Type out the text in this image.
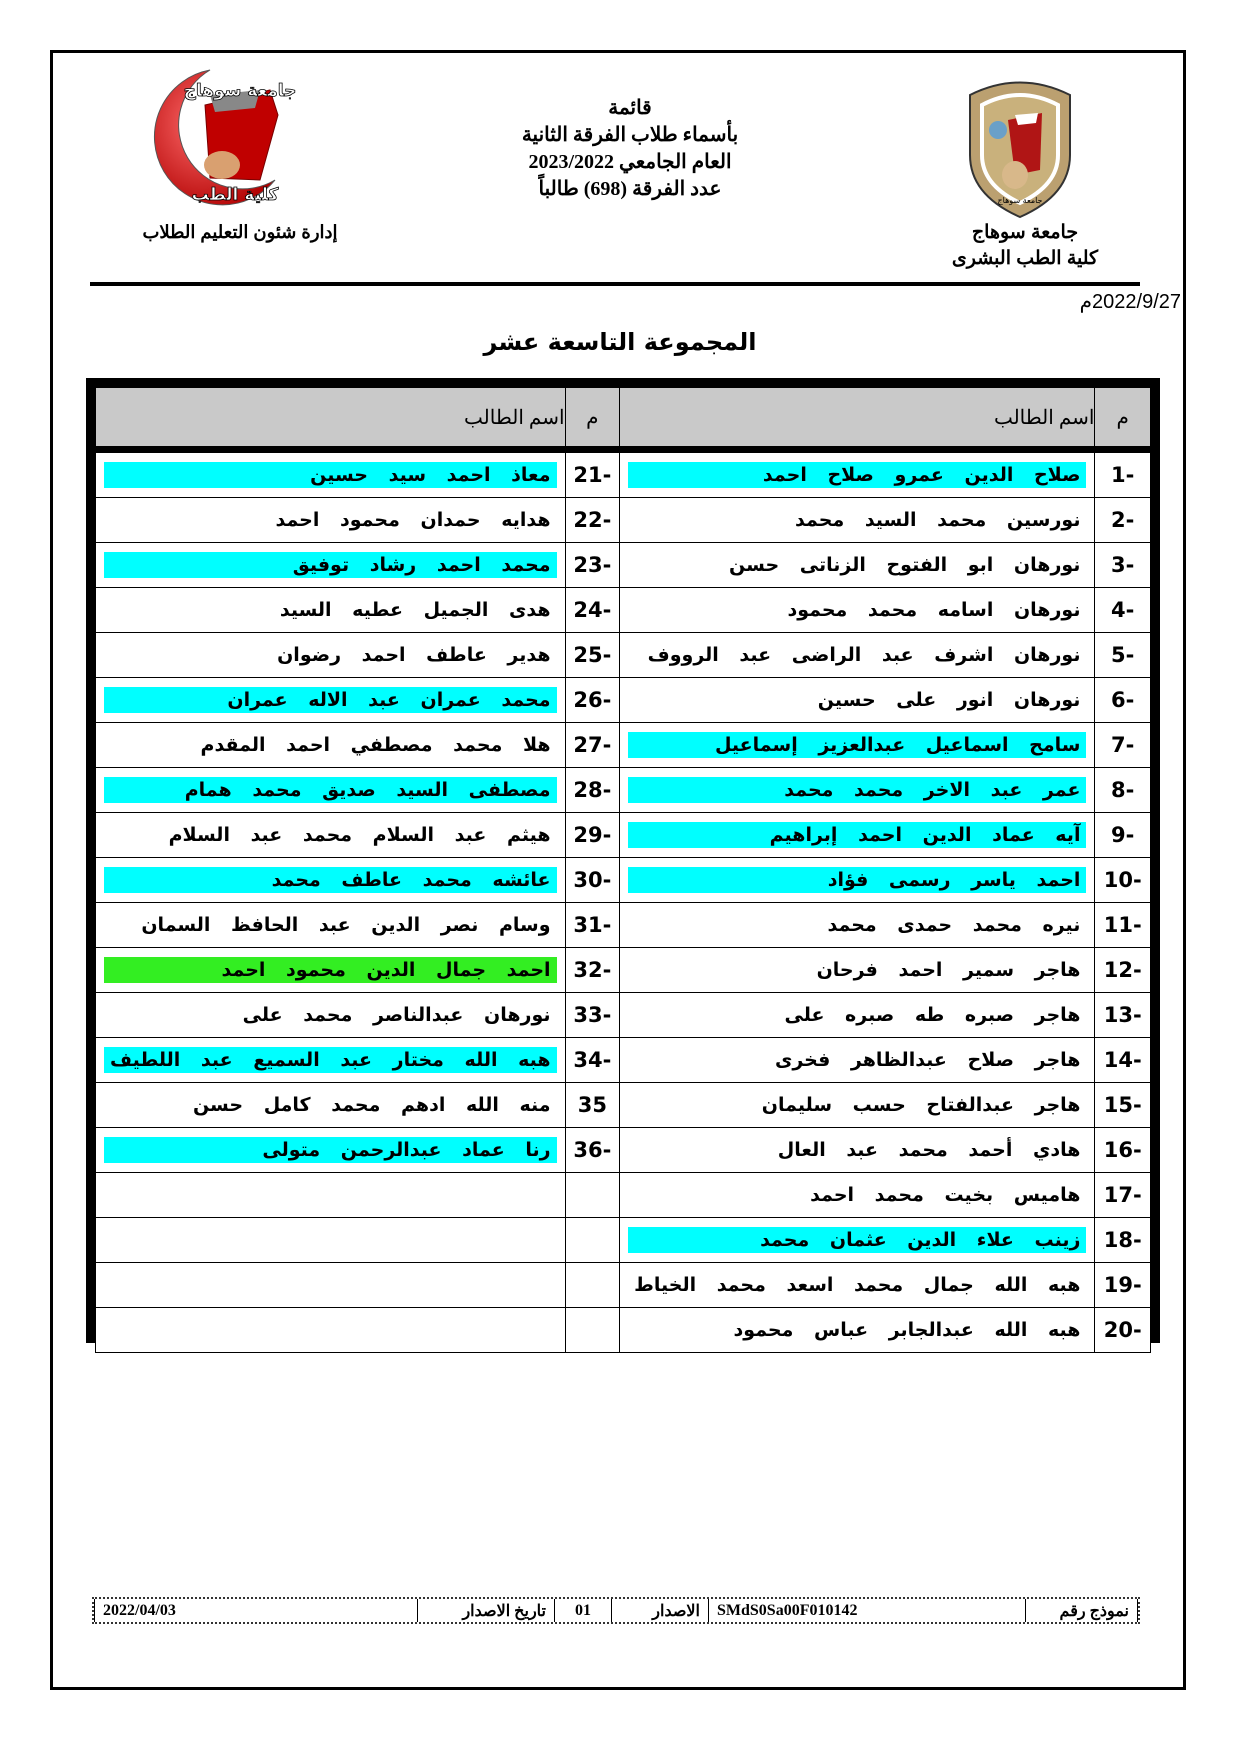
جامعة سوهاج
كلية الطب
إدارة شئون التعليم الطلاب
قائمة
بأسماء طلاب الفرقة الثانية
العام الجامعي 2023/2022
عدد الفرقة (698) طالباً
جامعة سوهاج
جامعة سوهاج
كلية الطب البشرى
2022/9/27م
المجموعة التاسعة عشر
م	اسم الطالب	م	اسم الطالب
-1	صلاح الدين عمرو صلاح احمد	-21	معاذ احمد سيد حسين

-2	نورسين محمد السيد محمد	-22	هدايه حمدان محمود احمد

-3	نورهان ابو الفتوح الزناتى حسن	-23	محمد احمد رشاد توفيق

-4	نورهان اسامه محمد محمود	-24	هدى الجميل عطيه السيد

-5	نورهان اشرف عبد الراضى عبد الرووف	-25	هدير عاطف احمد رضوان

-6	نورهان انور على حسين	-26	محمد عمران عبد الاله عمران

-7	سامح اسماعيل عبدالعزيز إسماعيل	-27	هلا محمد مصطفي احمد المقدم

-8	عمر عبد الاخر محمد محمد	-28	مصطفى السيد صديق محمد همام

-9	آيه عماد الدين احمد إبراهيم	-29	هيثم عبد السلام محمد عبد السلام

-10	احمد ياسر رسمى فؤاد	-30	عائشه محمد عاطف محمد

-11	نيره محمد حمدى محمد	-31	وسام نصر الدين عبد الحافظ السمان

-12	هاجر سمير احمد فرحان	-32	احمد جمال الدين محمود احمد

-13	هاجر صبره طه صبره على	-33	نورهان عبدالناصر محمد على

-14	هاجر صلاح عبدالظاهر فخرى	-34	هبه الله مختار عبد السميع عبد اللطيف

-15	هاجر عبدالفتاح حسب سليمان	35	منه الله ادهم محمد كامل حسن

-16	هادي أحمد محمد عبد العال	-36	رنا عماد عبدالرحمن متولى

-17	هاميس بخيت محمد احمد		

-18	زينب علاء الدين عثمان محمد		

-19	هبه الله جمال محمد اسعد محمد الخياط		

-20	هبه الله عبدالجابر عباس محمود		

نموذج رقم	SMdS0Sa00F010142	الاصدار	01	تاريخ الاصدار	2022/04/03
